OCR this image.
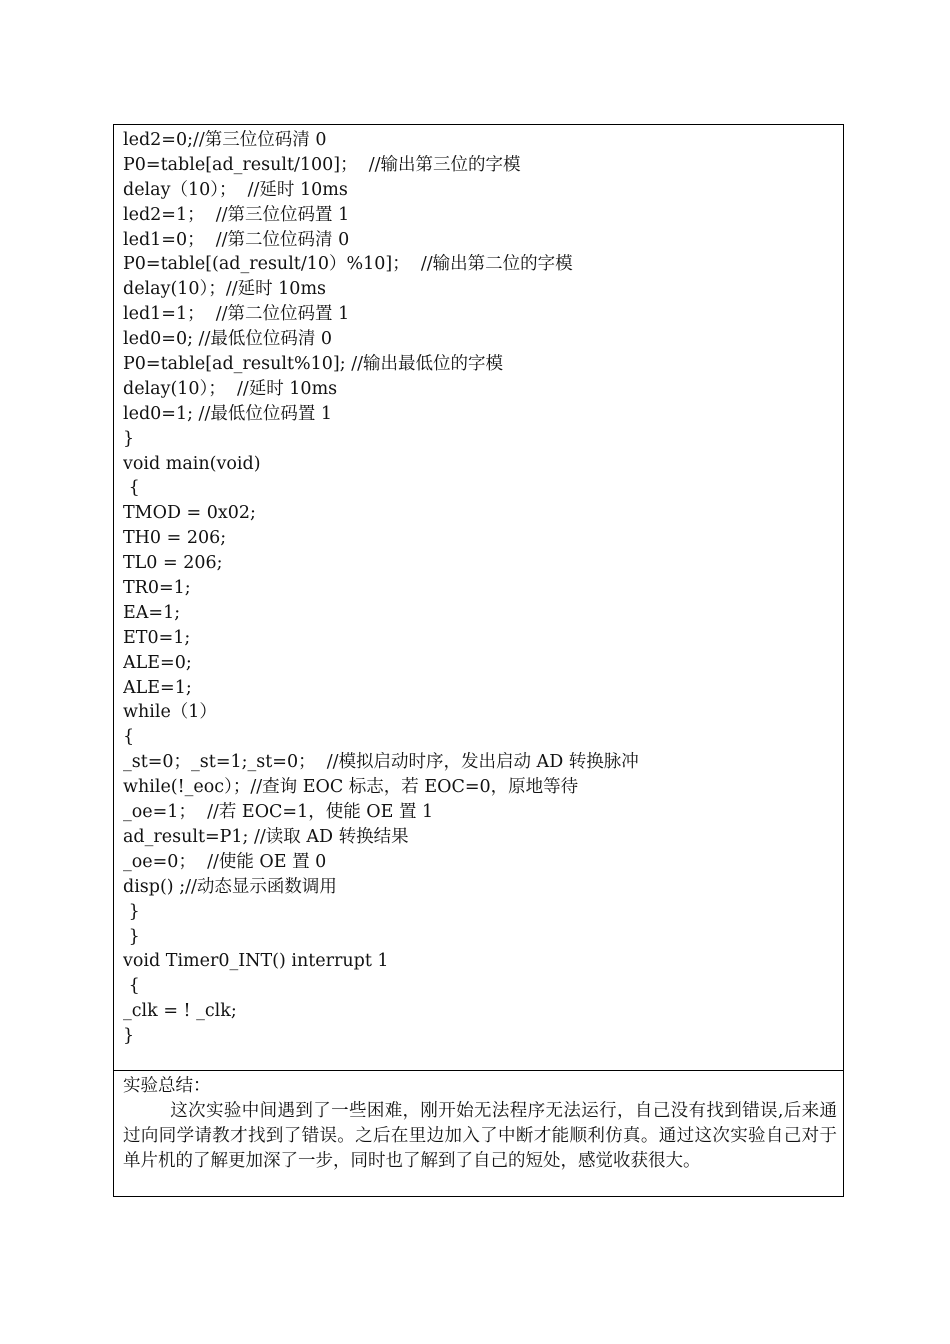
led2=0;//第三位位码清 0
P0=table[ad_result/100]；  //输出第三位的字模
delay（10）；  //延时 10ms
led2=1；  //第三位位码置 1
led1=0；  //第二位位码清 0
P0=table[(ad_result/10）%10]；  //输出第二位的字模
delay(10）；//延时 10ms
led1=1；  //第二位位码置 1
led0=0; //最低位位码清 0
P0=table[ad_result%10]; //输出最低位的字模
delay(10）；  //延时 10ms
led0=1; //最低位位码置 1
}
void main(void)
{
TMOD = 0x02;
TH0 = 206;
TL0 = 206;
TR0=1;
EA=1;
ET0=1;
ALE=0;
ALE=1;
while（1）
{
_st=0；_st=1;_st=0；  //模拟启动时序，发出启动 AD 转换脉冲
while(!_eoc）；//查询 EOC 标志，若 EOC=0，原地等待
_oe=1；  //若 EOC=1，使能 OE 置 1
ad_result=P1; //读取 AD 转换结果
_oe=0；  //使能 OE 置 0
disp() ;//动态显示函数调用
}
}
void Timer0_INT() interrupt 1
{
_clk = ! _clk;
}
实验总结：
这次实验中间遇到了一些困难，刚开始无法程序无法运行，自己没有找到错误,后来通过向同学请教才找到了错误。之后在里边加入了中断才能顺利仿真。通过这次实验自己对于单片机的了解更加深了一步，同时也了解到了自己的短处，感觉收获很大。
